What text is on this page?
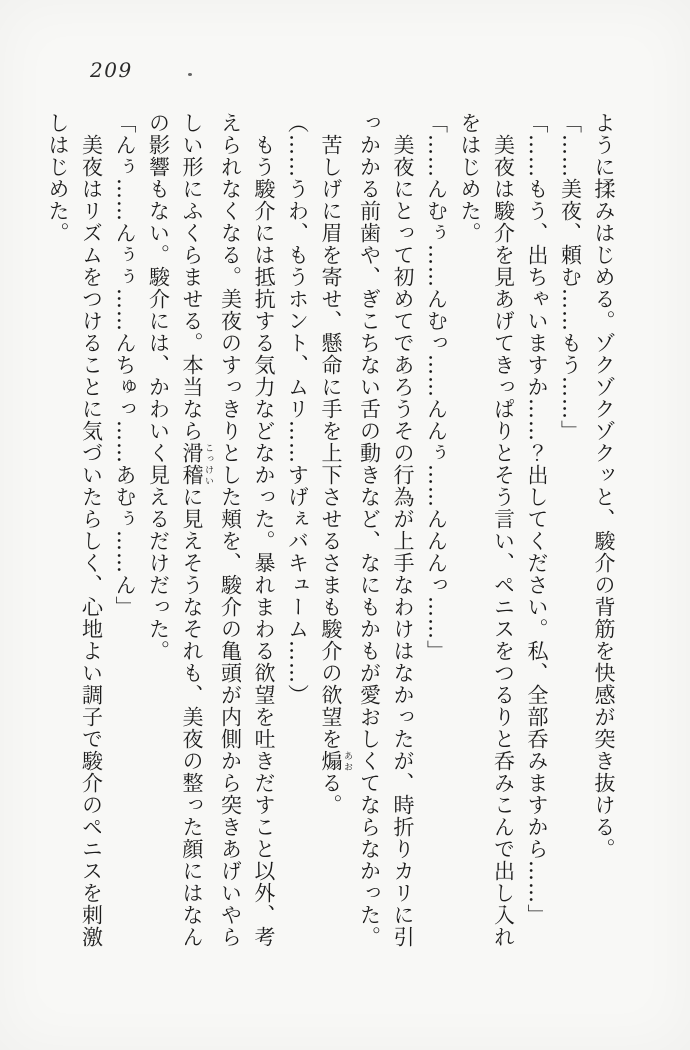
209
ように揉みはじめる。ゾクゾクゾクッと、駿介の背筋を快感が突き抜ける。
「……美夜、頼む……もう……」
「……もう、出ちゃいますか……？出してください。私、全部呑みますから……」
美夜は駿介を見あげてきっぱりとそう言い、ペニスをつるりと呑みこんで出し入れ
をはじめた。
「……んむぅ……んむっ……んんぅ……んんんっ……」
美夜にとって初めてであろうその行為が上手なわけはなかったが、時折りカリに引
っかかる前歯や、ぎこちない舌の動きなど、なにもかもが愛おしくてならなかった。
苦しげに眉を寄せ、懸命に手を上下させるさまも駿介の欲望を煽 あおる。
（……うわ、もうホント、ムリ……すげぇバキューム……）
もう駿介には抵抗する気力などなかった。暴れまわる欲望を吐きだすこと以外、考
えられなくなる。美夜のすっきりとした頬を、駿介の亀頭が内側から突きあげいやら
しい形にふくらませる。本当なら滑稽 こっけいに見えそうなそれも、美夜の整った顔にはなん
の影響もない。駿介には、かわいく見えるだけだった。
「んぅ……んぅぅ……んちゅっ……あむぅ……ん」
美夜はリズムをつけることに気づいたらしく、心地よい調子で駿介のペニスを刺激
しはじめた。
